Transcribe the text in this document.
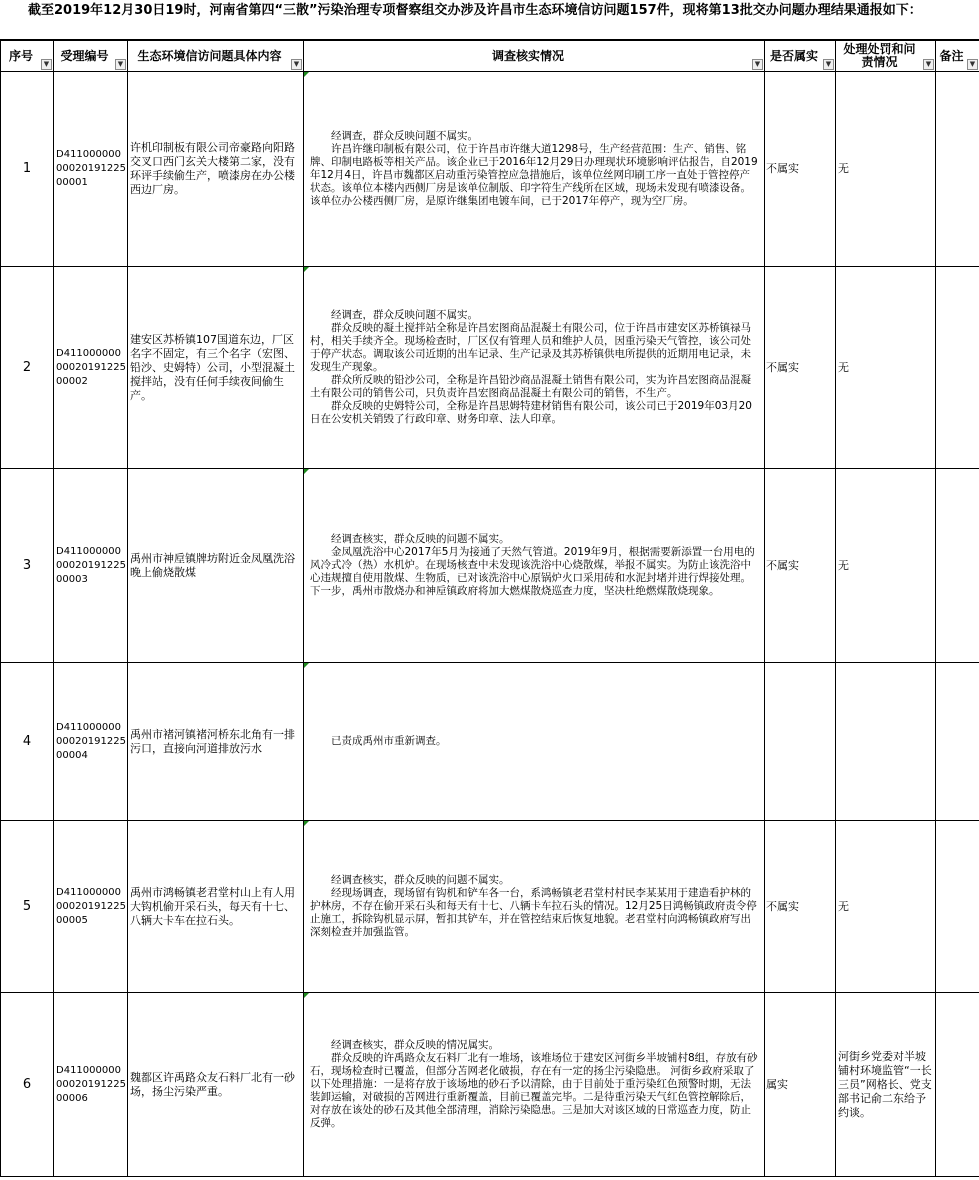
截至2019年12月30日19时，河南省第四“三散”污染治理专项督察组交办涉及许昌市生态环境信访问题157件，现将第13批交办问题办理结果通报如下：
序号
▼	受理编号
▼	生态环境信访问题具体内容
▼	调查核实情况
▼	是否属实
▼	处理处罚和问责情况 ▼	备注
▼

1	D4110000000002019122500001	许机印制板有限公司帝豪路向阳路交叉口西门玄关大楼第二家，没有环评手续偷生产，喷漆房在办公楼西边厂房。	经调查，群众反映问题不属实。

许昌许继印制板有限公司，位于许昌市许继大道1298号，生产经营范围：生产、销售、铭牌、印制电路板等相关产品。该企业已于2016年12月29日办理现状环境影响评估报告，自2019年12月4日，许昌市魏都区启动重污染管控应急措施后，该单位丝网印刷工序一直处于管控停产状态。该单位本楼内西侧厂房是该单位制版、印字符生产线所在区域，现场未发现有喷漆设备。该单位办公楼西侧厂房，是原许继集团电镀车间，已于2017年停产，现为空厂房。	不属实	无	
2	D4110000000002019122500002	建安区苏桥镇107国道东边，厂区名字不固定，有三个名字（宏图、铅沙、史姆特）公司，小型混凝土搅拌站，没有任何手续夜间偷生产。	经调查，群众反映问题不属实。

群众反映的凝土搅拌站全称是许昌宏图商品混凝土有限公司，位于许昌市建安区苏桥镇禄马村，相关手续齐全。现场检查时，厂区仅有管理人员和维护人员，因重污染天气管控，该公司处于停产状态。调取该公司近期的出车记录、生产记录及其苏桥镇供电所提供的近期用电记录，未发现生产现象。

群众所反映的铅沙公司，全称是许昌铅沙商品混凝土销售有限公司，实为许昌宏图商品混凝土有限公司的销售公司，只负责许昌宏图商品混凝土有限公司的销售，不生产。

群众反映的史姆特公司，全称是许昌思姆特建材销售有限公司，该公司已于2019年03月20日在公安机关销毁了行政印章、财务印章、法人印章。	不属实	无	
3	D4110000000002019122500003	禹州市神垕镇牌坊附近金凤凰洗浴晚上偷烧散煤	经调查核实，群众反映的问题不属实。

金凤凰洗浴中心2017年5月为接通了天然气管道。2019年9月，根据需要新添置一台用电的风冷式冷（热）水机炉。在现场核查中未发现该洗浴中心烧散煤，举报不属实。为防止该洗浴中心违规擅自使用散煤、生物质，已对该洗浴中心原锅炉火口采用砖和水泥封堵并进行焊接处理。下一步，禹州市散烧办和神垕镇政府将加大燃煤散烧巡查力度，坚决杜绝燃煤散烧现象。	不属实	无	
4	D4110000000002019122500004	禹州市褚河镇褚河桥东北角有一排污口，直接向河道排放污水	已责成禹州市重新调查。			

5	D4110000000002019122500005	禹州市鸿畅镇老君堂村山上有人用大钩机偷开采石头，每天有十七、八辆大卡车在拉石头。	经调查核实，群众反映的问题不属实。

经现场调查，现场留有钩机和铲车各一台，系鸿畅镇老君堂村村民李某某用于建造看护林的护林房，不存在偷开采石头和每天有十七、八辆卡车拉石头的情况。12月25日鸿畅镇政府责令停止施工，拆除钩机显示屏，暂扣其铲车，并在管控结束后恢复地貌。老君堂村向鸿畅镇政府写出深刻检查并加强监管。	不属实	无	
6	D4110000000002019122500006	魏都区许禹路众友石料厂北有一砂场，扬尘污染严重。	经调查核实，群众反映的情况属实。

群众反映的许禹路众友石料厂北有一堆场，该堆场位于建安区河街乡半坡铺村8组，存放有砂石，现场检查时已覆盖，但部分苫网老化破损，存在有一定的扬尘污染隐患。 河街乡政府采取了以下处理措施：一是将存放于该场地的砂石予以清除，由于目前处于重污染红色预警时期，无法装卸运输，对破损的苫网进行重新覆盖，目前已覆盖完毕。二是待重污染天气红色管控解除后，对存放在该处的砂石及其他全部清理，消除污染隐患。三是加大对该区域的日常巡查力度，防止反弹。	属实	河街乡党委对半坡铺村环境监管“一长三员”网格长、党支部书记俞二东给予约谈。	
